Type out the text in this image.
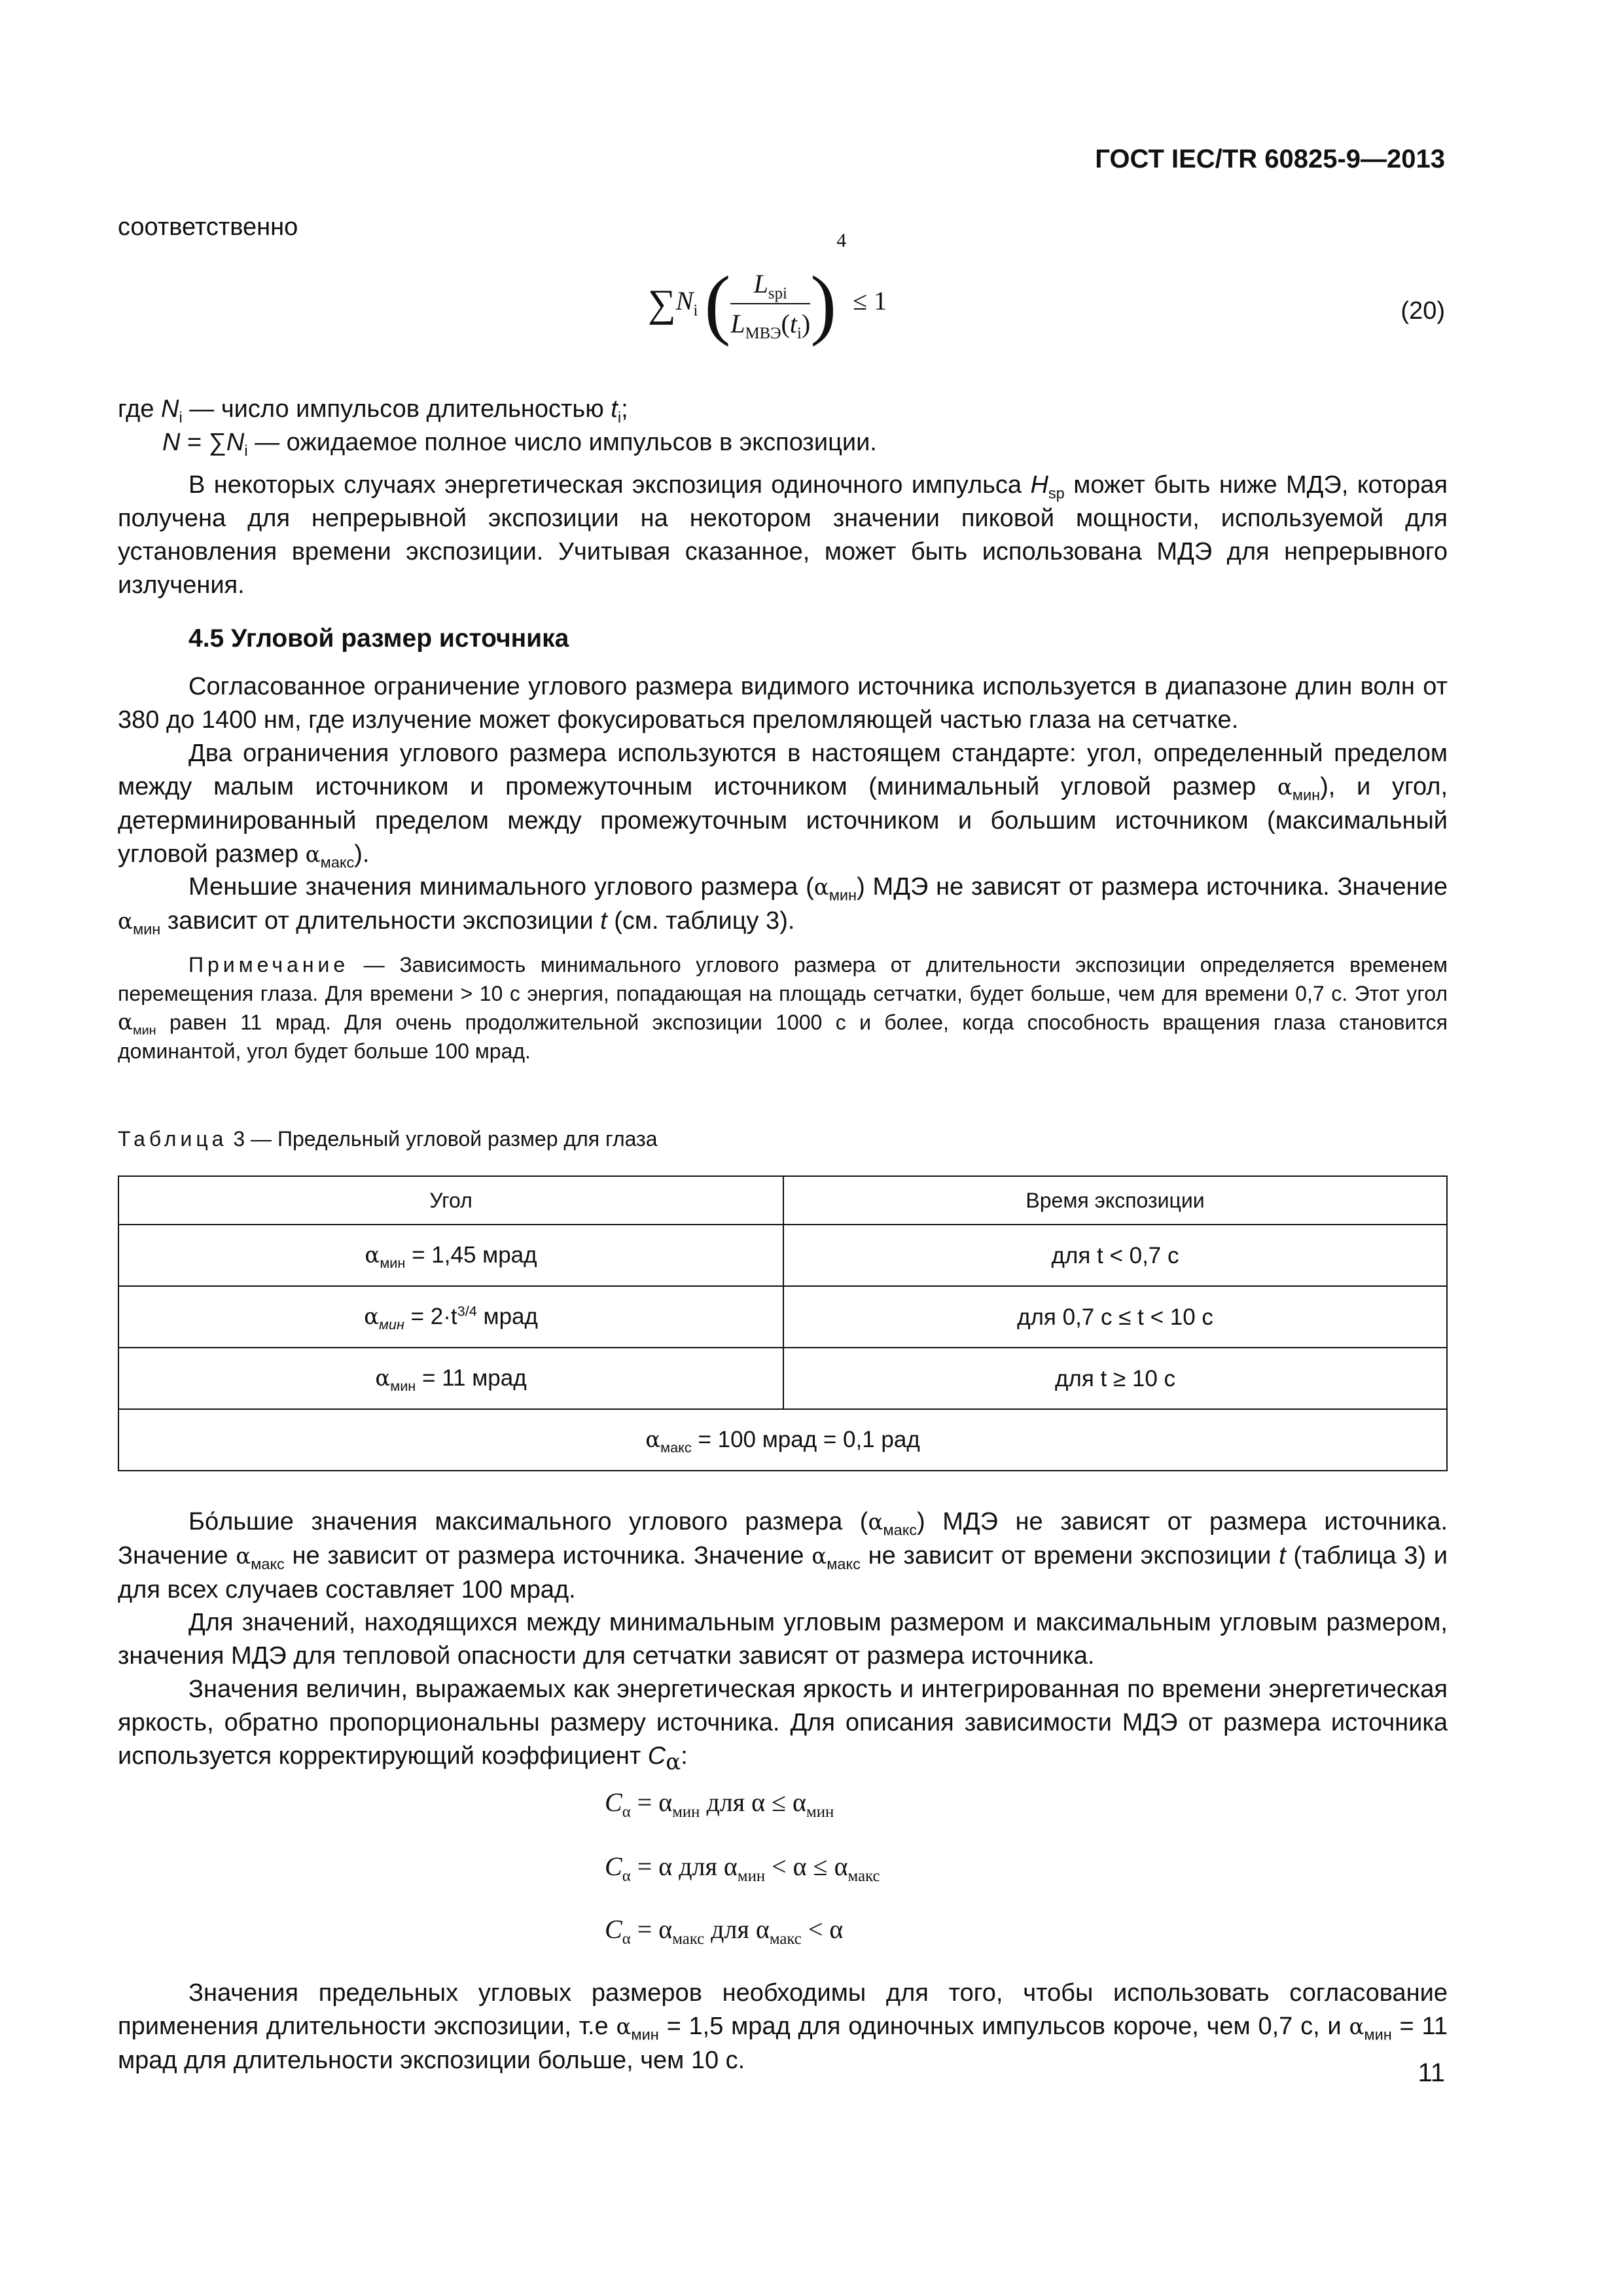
ГОСТ IEC/TR 60825-9—2013

соответственно

$\sum N_i$ ( $\frac{L_{spi}}{L_{МВЭ}(t_i)} )^4 \le 1$	(20)

где $N_i$ — число импульсов длительностью $t_i$;

$N = \sum N_i$ — ожидаемое полное число импульсов в экспозиции.

В некоторых случаях энергетическая экспозиция одиночного импульса $H_{sp}$ может быть ниже МДЭ, которая получена для непрерывной экспозиции на некотором значении пиковой мощности, используемой для установления времени экспозиции. Учитывая сказанное, может быть использована МДЭ для непрерывного излучения.

4.5 Угловой размер источника

Согласованное ограничение углового размера видимого источника используется в диапазоне длин волн от 380 до 1400 нм, где излучение может фокусироваться преломляющей частью глаза на сетчатке.

Два ограничения углового размера используются в настоящем стандарте: угол, определенный пределом между малым источником и промежуточным источником (минимальный угловой размер $\alpha_{мин}$), и угол, детерминированный пределом между промежуточным источником и большим источником (максимальный угловой размер $\alpha_{макс}$).

Меньшие значения минимального углового размера $(\alpha_{мин})$ МДЭ не зависят от размера источника. Значение $\alpha_{мин}$ зависит от длительности экспозиции t (см. таблицу 3).

Примечание — Зависимость минимального углового размера от длительности экспозиции определяется временем перемещения глаза. Для времени > 10 с энергия, попадающая на площадь сетчатки, будет больше, чем для времени 0,7 с. Этот угол $\alpha_{мин}$ равен 11 мрад. Для очень продолжительной экспозиции 1000 с и более, когда способность вращения глаза становится доминантой, угол будет больше 100 мрад.

Таблица 3 — Предельный угловой размер для глаза
Угол	Время экспозиции
$\alpha_{мин} = 1,45$ мрад	для t < 0,7 с
$\alpha_{мин} = 2\cdot t^{3/4}$ мрад	для 0,7 с ≤ t < 10 с
$\alpha_{мин} = 11$ мрад	для t ≥ 10 с
$\alpha_{макс} = 100$ мрад = 0,1 рад	

Бо́льшие значения максимального углового размера $(\alpha_{макс})$ МДЭ не зависят от размера источника. Значение $\alpha_{макс}$ не зависит от размера источника. Значение $\alpha_{макс}$ не зависит от времени экспозиции t (таблица 3) и для всех случаев составляет 100 мрад.

Для значений, находящихся между минимальным угловым размером и максимальным угловым размером, значения МДЭ для тепловой опасности для сетчатки зависят от размера источника.

Значения величин, выражаемых как энергетическая яркость и интегрированная по времени энергетическая яркость, обратно пропорциональны размеру источника. Для описания зависимости МДЭ от размера источника используется корректирующий коэффициент $C_\alpha$:

$C_\alpha = \alpha_{мин}$ для $\alpha \le \alpha_{мин}$
$C_\alpha = \alpha$ для $\alpha_{мин} < \alpha \le \alpha_{макс}$
$C_\alpha = \alpha_{макс}$ для $\alpha_{макс} < \alpha$

Значения предельных угловых размеров необходимы для того, чтобы использовать согласование применения длительности экспозиции, т.е $\alpha_{мин} = 1,5$ мрад для одиночных импульсов короче, чем 0,7 с, и $\alpha_{мин} = 11$ мрад для длительности экспозиции больше, чем 10 с.	11
